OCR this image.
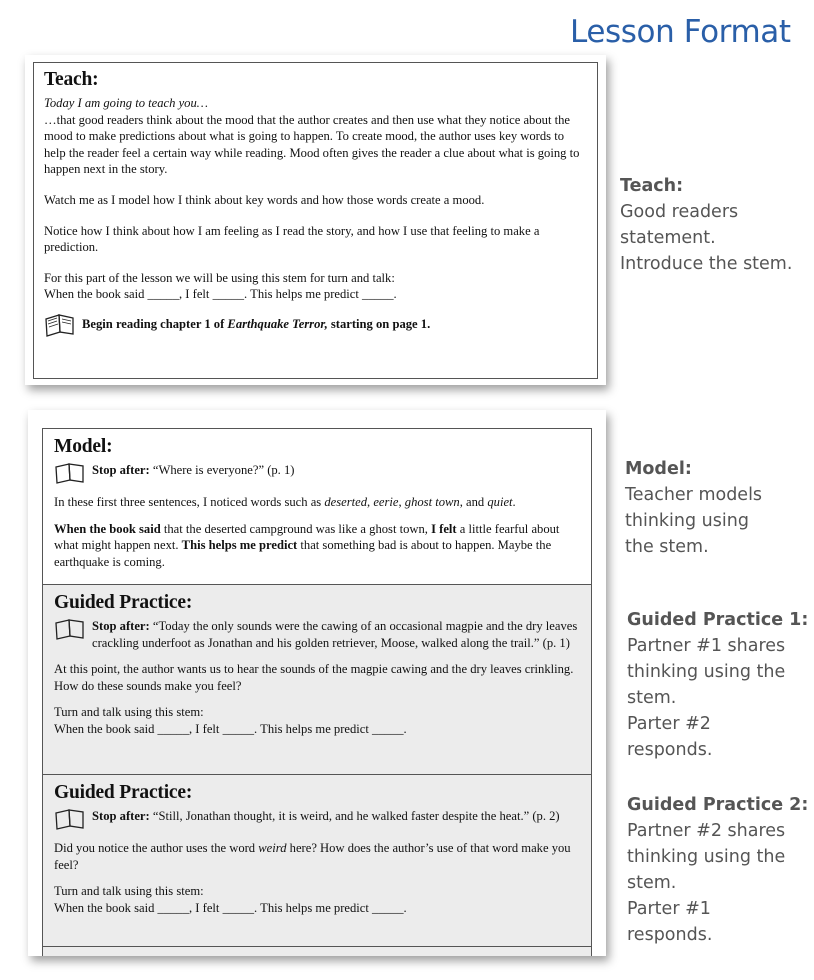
Lesson Format
Teach:

Today I am going to teach you…

…that good readers think about the mood that the author creates and then use what they notice about the mood to make predictions about what is going to happen. To create mood, the author uses key words to help the reader feel a certain way while reading. Mood often gives the reader a clue about what is going to happen next in the story.

Watch me as I model how I think about key words and how those words create a mood.

Notice how I think about how I am feeling as I read the story, and how I use that feeling to make a prediction.

For this part of the lesson we will be using this stem for turn and talk:

When the book said _____, I felt _____. This helps me predict _____.

Begin reading chapter 1 of Earthquake Terror, starting on page 1.
Model:
Stop after: “Where is everyone?” (p. 1)

In these first three sentences, I noticed words such as deserted, eerie, ghost town, and quiet.

When the book said that the deserted campground was like a ghost town, I felt a little fearful about what might happen next. This helps me predict that something bad is about to happen. Maybe the earthquake is coming.

Guided Practice:
Stop after: “Today the only sounds were the cawing of an occasional magpie and the dry leaves crackling underfoot as Jonathan and his golden retriever, Moose, walked along the trail.” (p. 1)

At this point, the author wants us to hear the sounds of the magpie cawing and the dry leaves crinkling. How do these sounds make you feel?

Turn and talk using this stem:

When the book said _____, I felt _____. This helps me predict _____.

Guided Practice:
Stop after: “Still, Jonathan thought, it is weird, and he walked faster despite the heat.” (p. 2)

Did you notice the author uses the word weird here? How does the author’s use of that word make you feel?

Turn and talk using this stem:

When the book said _____, I felt _____. This helps me predict _____.

Teach:
Good readers
statement.
Introduce the stem.
Model:
Teacher models
thinking using
the stem.
Guided Practice 1:
Partner #1 shares
thinking using the
stem.
Parter #2
responds.
Guided Practice 2:
Partner #2 shares
thinking using the
stem.
Parter #1
responds.
